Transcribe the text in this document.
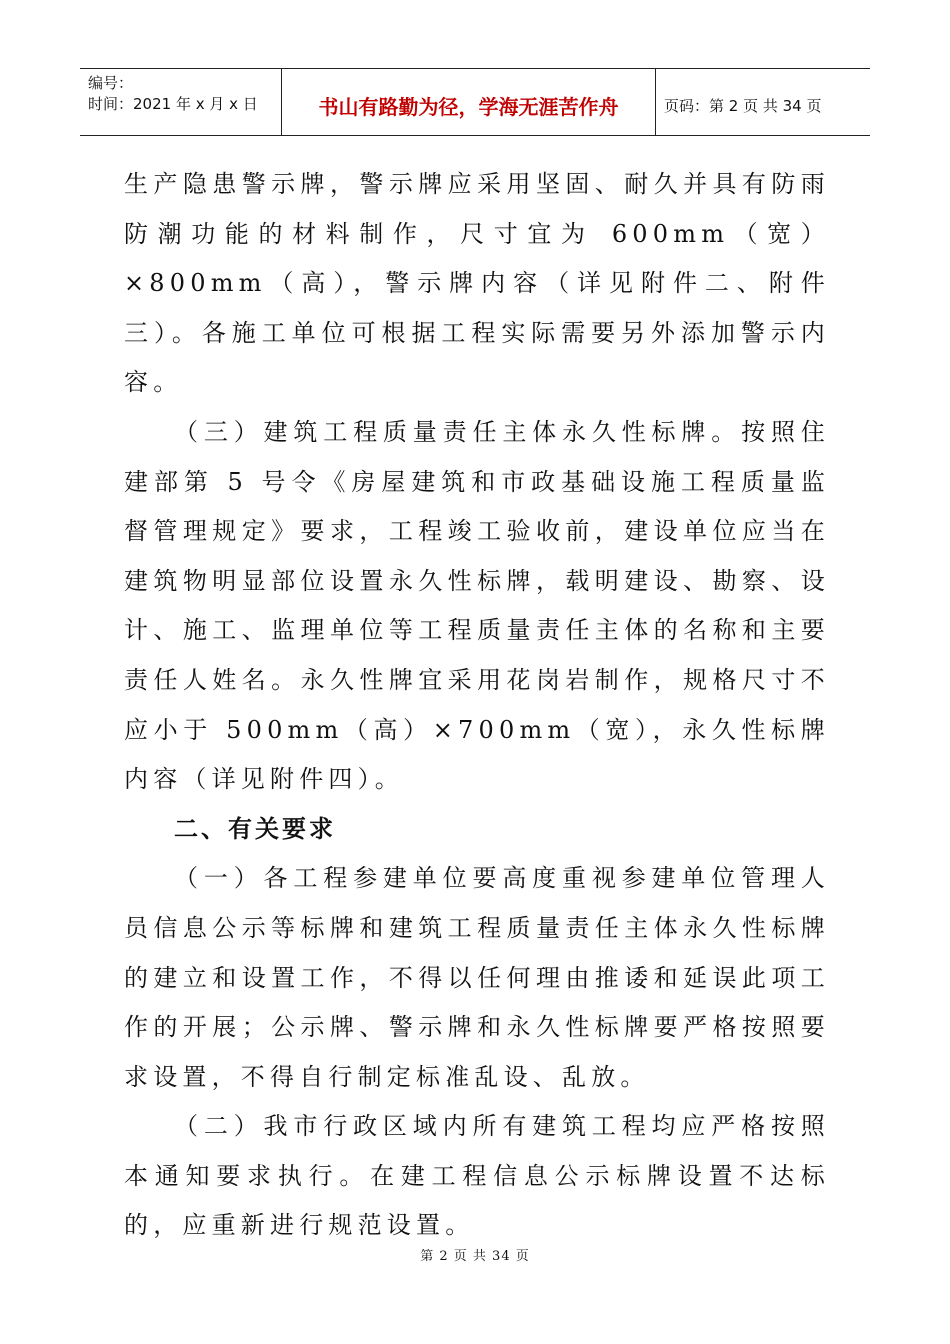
编号：
时间：2021 年 x 月 x 日	书山有路勤为径，学海无涯苦作舟	页码：第 2 页 共 34 页

生产隐患警示牌，警示牌应采用坚固、耐久并具有防雨防潮功能的材料制作，尺寸宜为 600mm（宽）×800mm（高），警示牌内容（详见附件二、附件三）。各施工单位可根据工程实际需要另外添加警示内容。

（三）建筑工程质量责任主体永久性标牌。按照住建部第 5 号令《房屋建筑和市政基础设施工程质量监督管理规定》要求，工程竣工验收前，建设单位应当在建筑物明显部位设置永久性标牌，载明建设、勘察、设计、施工、监理单位等工程质量责任主体的名称和主要责任人姓名。永久性牌宜采用花岗岩制作，规格尺寸不应小于 500mm（高）×700mm（宽），永久性标牌内容（详见附件四）。

二、有关要求

（一）各工程参建单位要高度重视参建单位管理人员信息公示等标牌和建筑工程质量责任主体永久性标牌的建立和设置工作，不得以任何理由推诿和延误此项工作的开展；公示牌、警示牌和永久性标牌要严格按照要求设置，不得自行制定标准乱设、乱放。

（二）我市行政区域内所有建筑工程均应严格按照本通知要求执行。在建工程信息公示标牌设置不达标的，应重新进行规范设置。

第 2 页 共 34 页
